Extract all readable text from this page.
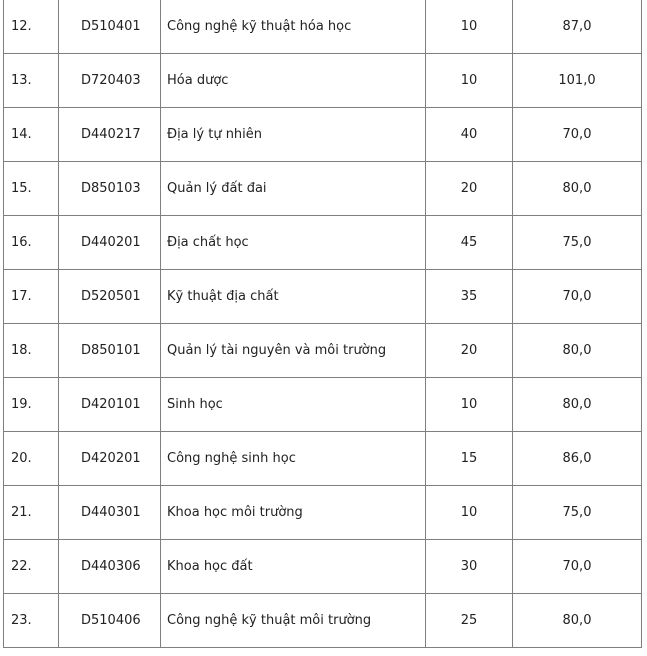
12.	D510401	Công nghệ kỹ thuật hóa học	10	87,0
13.	D720403	Hóa dược	10	101,0
14.	D440217	Địa lý tự nhiên	40	70,0
15.	D850103	Quản lý đất đai	20	80,0
16.	D440201	Địa chất học	45	75,0
17.	D520501	Kỹ thuật địa chất	35	70,0
18.	D850101	Quản lý tài nguyên và môi trường	20	80,0
19.	D420101	Sinh học	10	80,0
20.	D420201	Công nghệ sinh học	15	86,0
21.	D440301	Khoa học môi trường	10	75,0
22.	D440306	Khoa học đất	30	70,0
23.	D510406	Công nghệ kỹ thuật môi trường	25	80,0
